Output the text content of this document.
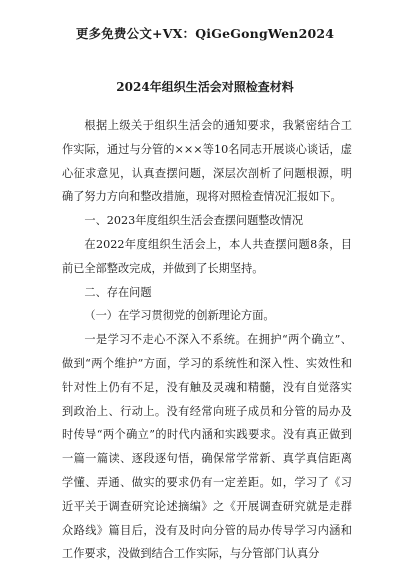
更多免费公文+VX：QiGeGongWen2024
2024年组织生活会对照检查材料

根据上级关于组织生活会的通知要求，我紧密结合工作实际，通过与分管的×××等10名同志开展谈心谈话，虚心征求意见，认真查摆问题，深层次剖析了问题根源，明确了努力方向和整改措施，现将对照检查情况汇报如下。

一、2023年度组织生活会查摆问题整改情况

在2022年度组织生活会上，本人共查摆问题8条，目前已全部整改完成，并做到了长期坚持。

二、存在问题

（一）在学习贯彻党的创新理论方面。

一是学习不走心不深入不系统。在拥护“两个确立”、做到“两个维护”方面，学习的系统性和深入性、实效性和针对性上仍有不足，没有触及灵魂和精髓，没有自觉落实到政治上、行动上。没有经常向班子成员和分管的局办及时传导“两个确立”的时代内涵和实践要求。没有真正做到一篇一篇读、逐段逐句悟，确保常学常新、真学真信距离学懂、弄通、做实的要求仍有一定差距。如，学习了《习近平关于调查研究论述摘编》之《开展调查研究就是走群众路线》篇目后，没有及时向分管的局办传导学习内涵和工作要求，没做到结合工作实际，与分管部门认真分
